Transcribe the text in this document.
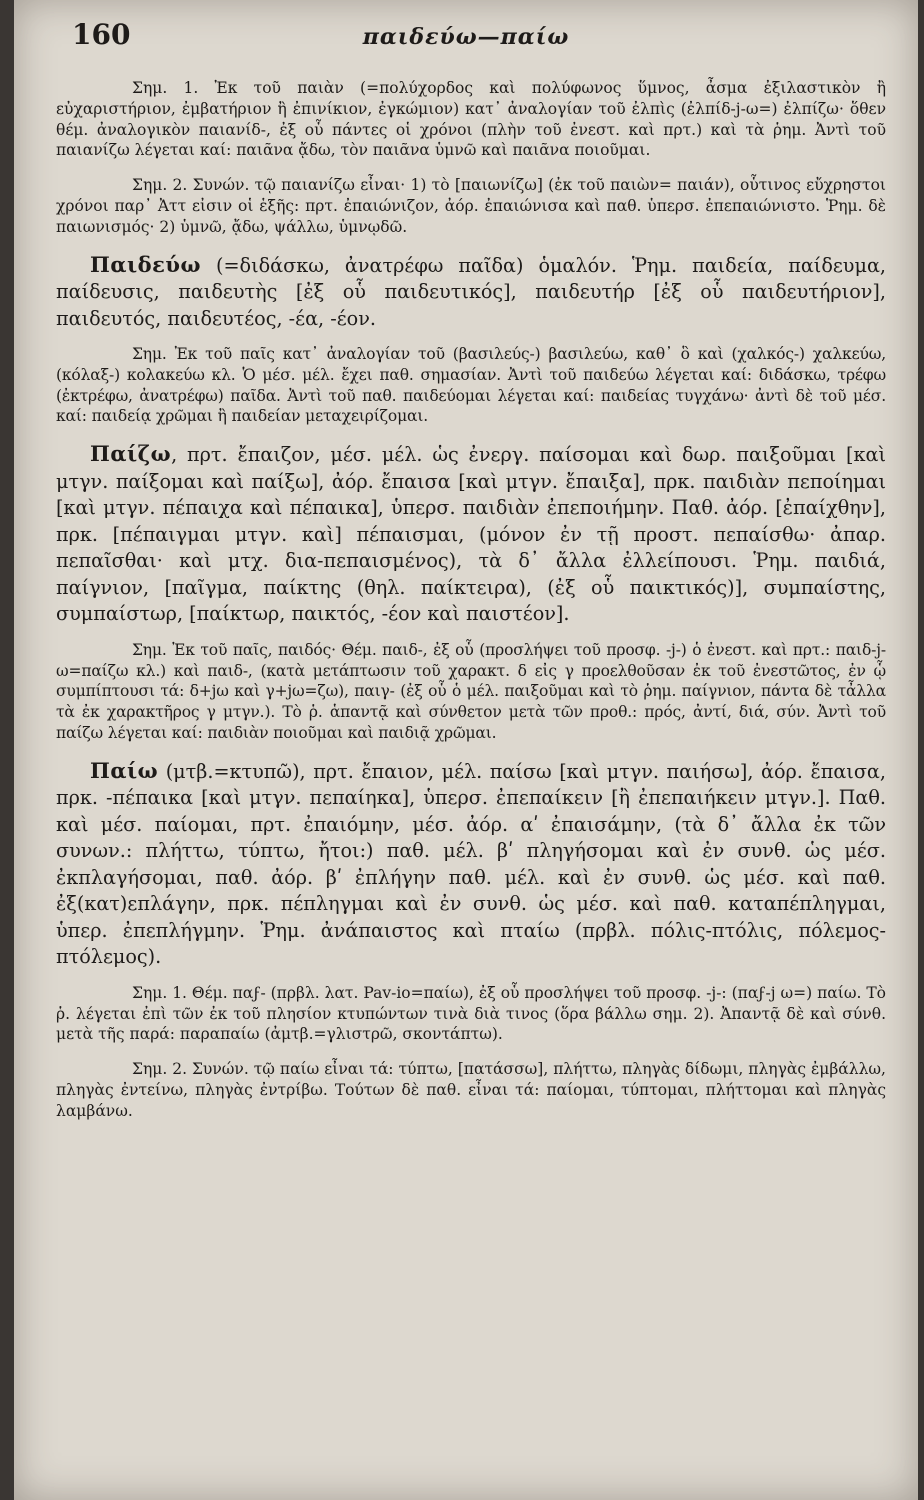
160	παιδεύω—παίω

Σημ. 1. Ἐκ τοῦ παιὰν (=πολύχορδος καὶ πολύφωνος ὕμνος, ἆσμα ἐξιλαστικὸν ἢ εὐχαριστήριον, ἐμβατήριον ἢ ἐπινίκιον, ἐγκώμιον) κατ᾽ ἀναλογίαν τοῦ ἐλπὶς (ἐλπίδ-j-ω=) ἐλπίζω· ὅθεν θέμ. ἀναλογικὸν παιανίδ-, ἐξ οὗ πάντες οἱ χρόνοι (πλὴν τοῦ ἐνεστ. καὶ πρτ.) καὶ τὰ ῥημ. Ἀντὶ τοῦ παιανίζω λέγεται καί: παιᾶνα ᾄδω, τὸν παιᾶνα ὑμνῶ καὶ παιᾶνα ποιοῦμαι.

Σημ. 2. Συνών. τῷ παιανίζω εἶναι· 1) τὸ [παιωνίζω] (ἐκ τοῦ παιὼν= παιάν), οὗτινος εὔχρηστοι χρόνοι παρ᾽ Ἀττ εἰσιν οἱ ἑξῆς: πρτ. ἐπαιώνιζον, ἀόρ. ἐπαιώνισα καὶ παθ. ὑπερσ. ἐπεπαιώνιστο. Ῥημ. δὲ παιωνισμός· 2) ὑμνῶ, ᾄδω, ψάλλω, ὑμνῳδῶ.

Παιδεύω (=διδάσκω, ἀνατρέφω παῖδα) ὁμαλόν. Ῥημ. παιδεία, παίδευμα, παίδευσις, παιδευτὴς [ἐξ οὗ παιδευτικός], παιδευτήρ [ἐξ οὗ παιδευτήριον], παιδευτός, παιδευτέος, -έα, -έον.

Σημ. Ἐκ τοῦ παῖς κατ᾽ ἀναλογίαν τοῦ (βασιλεύς-) βασιλεύω, καθ᾽ ὃ καὶ (χαλκός-) χαλκεύω, (κόλαξ-) κολακεύω κλ. Ὁ μέσ. μέλ. ἔχει παθ. σημασίαν. Ἀντὶ τοῦ παιδεύω λέγεται καί: διδάσκω, τρέφω (ἐκτρέφω, ἀνατρέφω) παῖδα. Ἀντὶ τοῦ παθ. παιδεύομαι λέγεται καί: παιδείας τυγχάνω· ἀντὶ δὲ τοῦ μέσ. καί: παιδείᾳ χρῶμαι ἢ παιδείαν μεταχειρίζομαι.

Παίζω, πρτ. ἔπαιζον, μέσ. μέλ. ὡς ἐνεργ. παίσομαι καὶ δωρ. παιξοῦμαι [καὶ μτγν. παίξομαι καὶ παίξω], ἀόρ. ἔπαισα [καὶ μτγν. ἔπαιξα], πρκ. παιδιὰν πεποίημαι [καὶ μτγν. πέπαιχα καὶ πέπαικα], ὑπερσ. παιδιὰν ἐπεποιήμην. Παθ. ἀόρ. [ἐπαίχθην], πρκ. [πέπαιγμαι μτγν. καὶ] πέπαισμαι, (μόνον ἐν τῇ προστ. πεπαίσθω· ἀπαρ. πεπαῖσθαι· καὶ μτχ. δια-πεπαισμένος), τὰ δ᾽ ἄλλα ἐλλείπουσι. Ῥημ. παιδιά, παίγνιον, [παῖγμα, παίκτης (θηλ. παίκτειρα), (ἐξ οὗ παικτικός)], συμπαίστης, συμπαίστωρ, [παίκτωρ, παικτός, -έον καὶ παιστέον].

Σημ. Ἐκ τοῦ παῖς, παιδός· Θέμ. παιδ-, ἐξ οὗ (προσλήψει τοῦ προσφ. -j-) ὁ ἐνεστ. καὶ πρτ.: παιδ-j-ω=παίζω κλ.) καὶ παιδ-, (κατὰ μετάπτωσιν τοῦ χαρακτ. δ εἰς γ προελθοῦσαν ἐκ τοῦ ἐνεστῶτος, ἐν ᾧ συμπίπτουσι τά: δ+jω καὶ γ+jω=ζω), παιγ- (ἐξ οὗ ὁ μέλ. παιξοῦμαι καὶ τὸ ῥημ. παίγνιον, πάντα δὲ τἆλλα τὰ ἐκ χαρακτῆρος γ μτγν.). Τὸ ῥ. ἁπαντᾷ καὶ σύνθετον μετὰ τῶν προθ.: πρός, ἀντί, διά, σύν. Ἀντὶ τοῦ παίζω λέγεται καί: παιδιὰν ποιοῦμαι καὶ παιδιᾷ χρῶμαι.

Παίω (μτβ.=κτυπῶ), πρτ. ἔπαιον, μέλ. παίσω [καὶ μτγν. παιήσω], ἀόρ. ἔπαισα, πρκ. -πέπαικα [καὶ μτγν. πεπαίηκα], ὑπερσ. ἐπεπαίκειν [ἢ ἐπεπαιήκειν μτγν.]. Παθ. καὶ μέσ. παίομαι, πρτ. ἐπαιόμην, μέσ. ἀόρ. αʹ ἐπαισάμην, (τὰ δ᾽ ἄλλα ἐκ τῶν συνων.: πλήττω, τύπτω, ἤτοι:) παθ. μέλ. βʹ πληγήσομαι καὶ ἐν συνθ. ὡς μέσ. ἐκπλαγήσομαι, παθ. ἀόρ. βʹ ἐπλήγην παθ. μέλ. καὶ ἐν συνθ. ὡς μέσ. καὶ παθ. ἐξ(κατ)επλάγην, πρκ. πέπληγμαι καὶ ἐν συνθ. ὡς μέσ. καὶ παθ. καταπέπληγμαι, ὑπερ. ἐπεπλήγμην. Ῥημ. ἀνάπαιστος καὶ πταίω (πρβλ. πόλις-πτόλις, πόλεμος-πτόλεμος).

Σημ. 1. Θέμ. παϝ- (πρβλ. λατ. Pav-io=παίω), ἐξ οὗ προσλήψει τοῦ προσφ. -j-: (παϝ-j ω=) παίω. Τὸ ῥ. λέγεται ἐπὶ τῶν ἐκ τοῦ πλησίον κτυπώντων τινὰ διὰ τινος (ὅρα βάλλω σημ. 2). Ἀπαντᾷ δὲ καὶ σύνθ. μετὰ τῆς παρά: παραπαίω (ἀμτβ.=γλιστρῶ, σκοντάπτω).

Σημ. 2. Συνών. τῷ παίω εἶναι τά: τύπτω, [πατάσσω], πλήττω, πληγὰς δίδωμι, πληγὰς ἐμβάλλω, πληγὰς ἐντείνω, πληγὰς ἐντρίβω. Τούτων δὲ παθ. εἶναι τά: παίομαι, τύπτομαι, πλήττομαι καὶ πληγὰς λαμβάνω.
